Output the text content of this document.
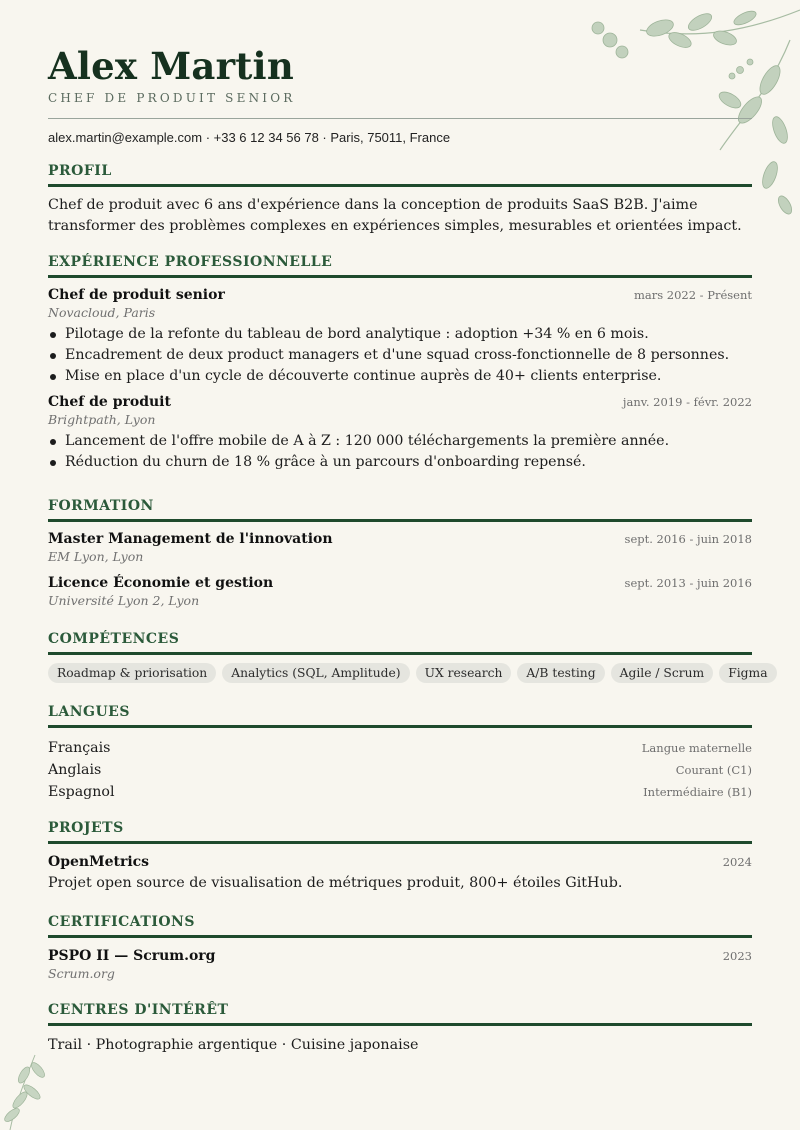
Alex Martin
CHEF DE PRODUIT SENIOR
alex.martin@example.com · +33 6 12 34 56 78 · Paris, 75011, France
PROFIL
Chef de produit avec 6 ans d'expérience dans la conception de produits SaaS B2B. J'aime transformer des problèmes complexes en expériences simples, mesurables et orientées impact.
EXPÉRIENCE PROFESSIONNELLE
Chef de produit senior	mars 2022 - Présent
Novacloud, Paris
Pilotage de la refonte du tableau de bord analytique : adoption +34 % en 6 mois.
Encadrement de deux product managers et d'une squad cross-fonctionnelle de 8 personnes.
Mise en place d'un cycle de découverte continue auprès de 40+ clients enterprise.
Chef de produit	janv. 2019 - févr. 2022
Brightpath, Lyon
Lancement de l'offre mobile de A à Z : 120 000 téléchargements la première année.
Réduction du churn de 18 % grâce à un parcours d'onboarding repensé.
FORMATION
Master Management de l'innovation	sept. 2016 - juin 2018
EM Lyon, Lyon
Licence Économie et gestion	sept. 2013 - juin 2016
Université Lyon 2, Lyon
COMPÉTENCES
Roadmap & priorisation	Analytics (SQL, Amplitude)	UX research	A/B testing	Agile / Scrum	Figma
LANGUES
Français	Langue maternelle
Anglais	Courant (C1)
Espagnol	Intermédiaire (B1)
PROJETS
OpenMetrics	2024
Projet open source de visualisation de métriques produit, 800+ étoiles GitHub.
CERTIFICATIONS
PSPO II — Scrum.org	2023
Scrum.org
CENTRES D'INTÉRÊT
Trail · Photographie argentique · Cuisine japonaise
